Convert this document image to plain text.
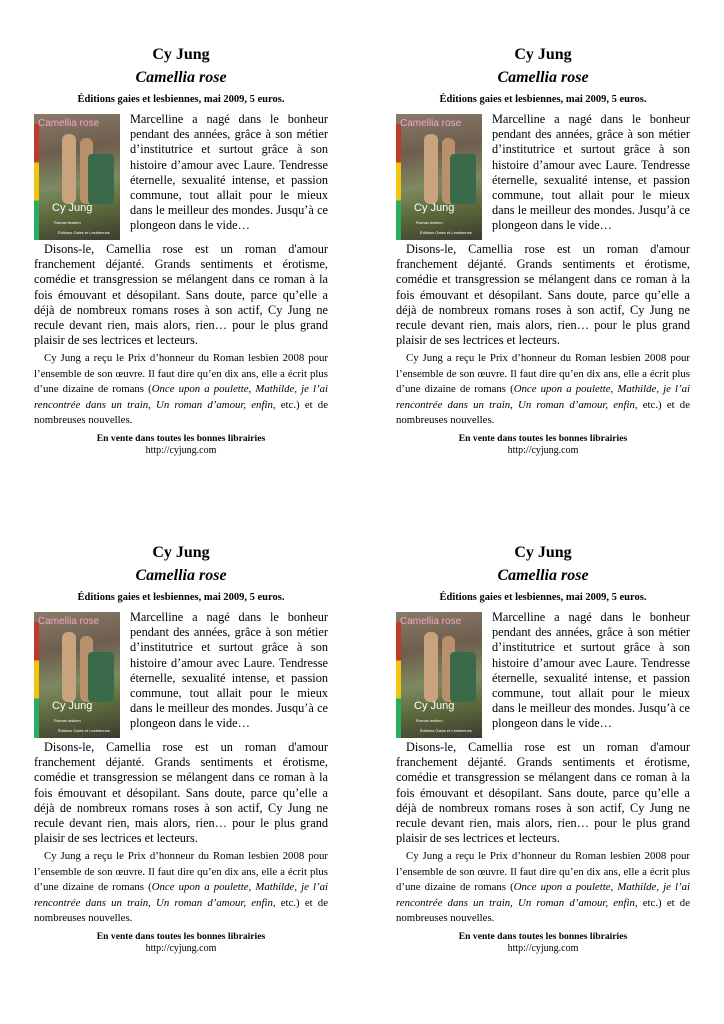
Cy Jung

Camellia rose

Éditions gaies et lesbiennes, mai 2009, 5 euros.

Camellia rose
Cy Jung
Roman lesbien
Éditions Gaies et Lesbiennes

Marcelline a nagé dans le bonheur pendant des années, grâce à son métier d’institutrice et surtout grâce à son histoire d’amour avec Laure. Tendresse éternelle, sexualité intense, et passion commune, tout allait pour le mieux dans le meilleur des mondes. Jusqu’à ce plongeon dans le vide…

Disons-le, Camellia rose est un roman d'amour franchement déjanté. Grands sentiments et érotisme, comédie et transgression se mélangent dans ce roman à la fois émouvant et désopilant. Sans doute, parce qu’elle a déjà de nombreux romans roses à son actif, Cy Jung ne recule devant rien, mais alors, rien… pour le plus grand plaisir de ses lectrices et lecteurs.

Cy Jung a reçu le Prix d’honneur du Roman lesbien 2008 pour l’ensemble de son œuvre. Il faut dire qu’en dix ans, elle a écrit plus d’une dizaine de romans (Once upon a poulette, Mathilde, je l’ai rencontrée dans un train, Un roman d’amour, enfin, etc.) et de nombreuses nouvelles.

En vente dans toutes les bonnes librairies

http://cyjung.com

Cy Jung

Camellia rose

Éditions gaies et lesbiennes, mai 2009, 5 euros.

Camellia rose
Cy Jung
Roman lesbien
Éditions Gaies et Lesbiennes

Marcelline a nagé dans le bonheur pendant des années, grâce à son métier d’institutrice et surtout grâce à son histoire d’amour avec Laure. Tendresse éternelle, sexualité intense, et passion commune, tout allait pour le mieux dans le meilleur des mondes. Jusqu’à ce plongeon dans le vide…

Disons-le, Camellia rose est un roman d'amour franchement déjanté. Grands sentiments et érotisme, comédie et transgression se mélangent dans ce roman à la fois émouvant et désopilant. Sans doute, parce qu’elle a déjà de nombreux romans roses à son actif, Cy Jung ne recule devant rien, mais alors, rien… pour le plus grand plaisir de ses lectrices et lecteurs.

Cy Jung a reçu le Prix d’honneur du Roman lesbien 2008 pour l’ensemble de son œuvre. Il faut dire qu’en dix ans, elle a écrit plus d’une dizaine de romans (Once upon a poulette, Mathilde, je l’ai rencontrée dans un train, Un roman d’amour, enfin, etc.) et de nombreuses nouvelles.

En vente dans toutes les bonnes librairies

http://cyjung.com

Cy Jung

Camellia rose

Éditions gaies et lesbiennes, mai 2009, 5 euros.

Camellia rose
Cy Jung
Roman lesbien
Éditions Gaies et Lesbiennes

Marcelline a nagé dans le bonheur pendant des années, grâce à son métier d’institutrice et surtout grâce à son histoire d’amour avec Laure. Tendresse éternelle, sexualité intense, et passion commune, tout allait pour le mieux dans le meilleur des mondes. Jusqu’à ce plongeon dans le vide…

Disons-le, Camellia rose est un roman d'amour franchement déjanté. Grands sentiments et érotisme, comédie et transgression se mélangent dans ce roman à la fois émouvant et désopilant. Sans doute, parce qu’elle a déjà de nombreux romans roses à son actif, Cy Jung ne recule devant rien, mais alors, rien… pour le plus grand plaisir de ses lectrices et lecteurs.

Cy Jung a reçu le Prix d’honneur du Roman lesbien 2008 pour l’ensemble de son œuvre. Il faut dire qu’en dix ans, elle a écrit plus d’une dizaine de romans (Once upon a poulette, Mathilde, je l’ai rencontrée dans un train, Un roman d’amour, enfin, etc.) et de nombreuses nouvelles.

En vente dans toutes les bonnes librairies

http://cyjung.com

Cy Jung

Camellia rose

Éditions gaies et lesbiennes, mai 2009, 5 euros.

Camellia rose
Cy Jung
Roman lesbien
Éditions Gaies et Lesbiennes

Marcelline a nagé dans le bonheur pendant des années, grâce à son métier d’institutrice et surtout grâce à son histoire d’amour avec Laure. Tendresse éternelle, sexualité intense, et passion commune, tout allait pour le mieux dans le meilleur des mondes. Jusqu’à ce plongeon dans le vide…

Disons-le, Camellia rose est un roman d'amour franchement déjanté. Grands sentiments et érotisme, comédie et transgression se mélangent dans ce roman à la fois émouvant et désopilant. Sans doute, parce qu’elle a déjà de nombreux romans roses à son actif, Cy Jung ne recule devant rien, mais alors, rien… pour le plus grand plaisir de ses lectrices et lecteurs.

Cy Jung a reçu le Prix d’honneur du Roman lesbien 2008 pour l’ensemble de son œuvre. Il faut dire qu’en dix ans, elle a écrit plus d’une dizaine de romans (Once upon a poulette, Mathilde, je l’ai rencontrée dans un train, Un roman d’amour, enfin, etc.) et de nombreuses nouvelles.

En vente dans toutes les bonnes librairies

http://cyjung.com
